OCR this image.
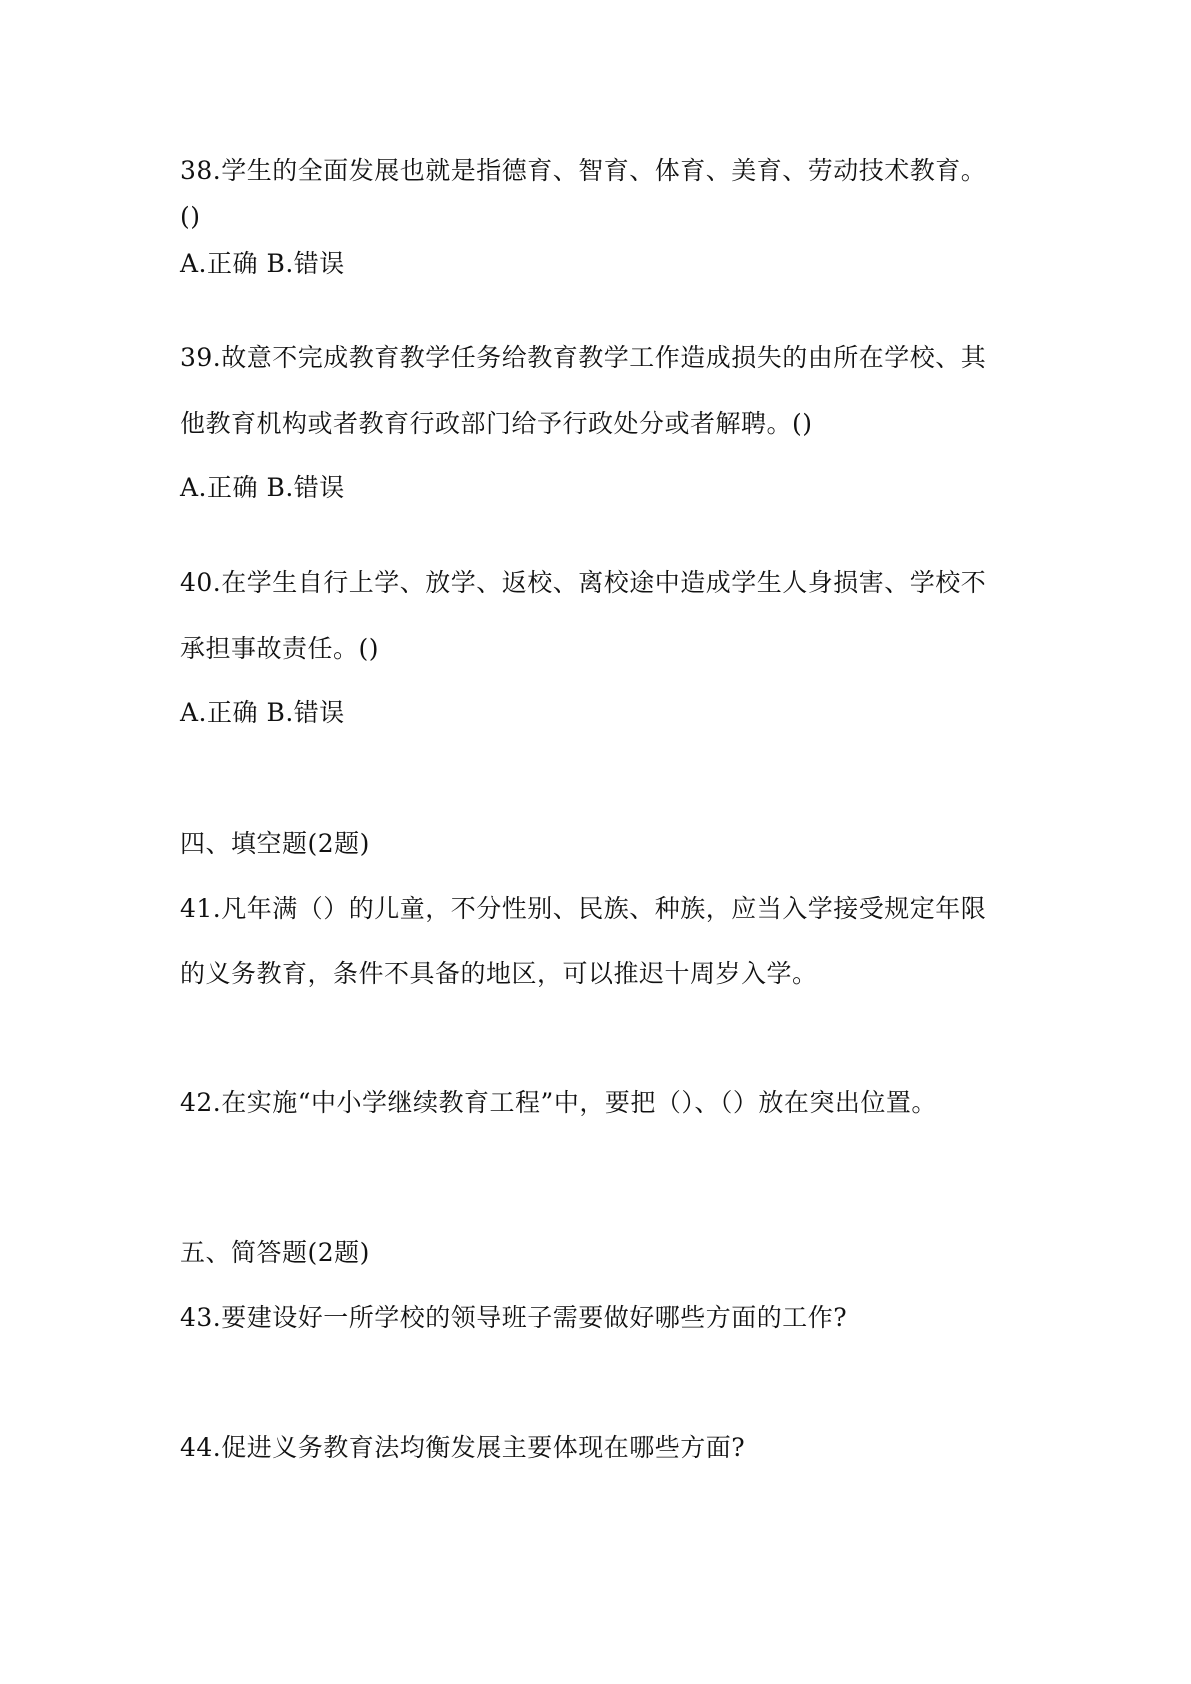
38.学生的全面发展也就是指德育、智育、体育、美育、劳动技术教育。
()
A.正确 B.错误
39.故意不完成教育教学任务给教育教学工作造成损失的由所在学校、其
他教育机构或者教育行政部门给予行政处分或者解聘。()
A.正确 B.错误
40.在学生自行上学、放学、返校、离校途中造成学生人身损害、学校不
承担事故责任。()
A.正确 B.错误
四、填空题(2题)
41.凡年满（）的儿童，不分性别、民族、种族，应当入学接受规定年限
的义务教育，条件不具备的地区，可以推迟十周岁入学。
42.在实施“中小学继续教育工程”中，要把（）、（）放在突出位置。
五、简答题(2题)
43.要建设好一所学校的领导班子需要做好哪些方面的工作?
44.促进义务教育法均衡发展主要体现在哪些方面?
